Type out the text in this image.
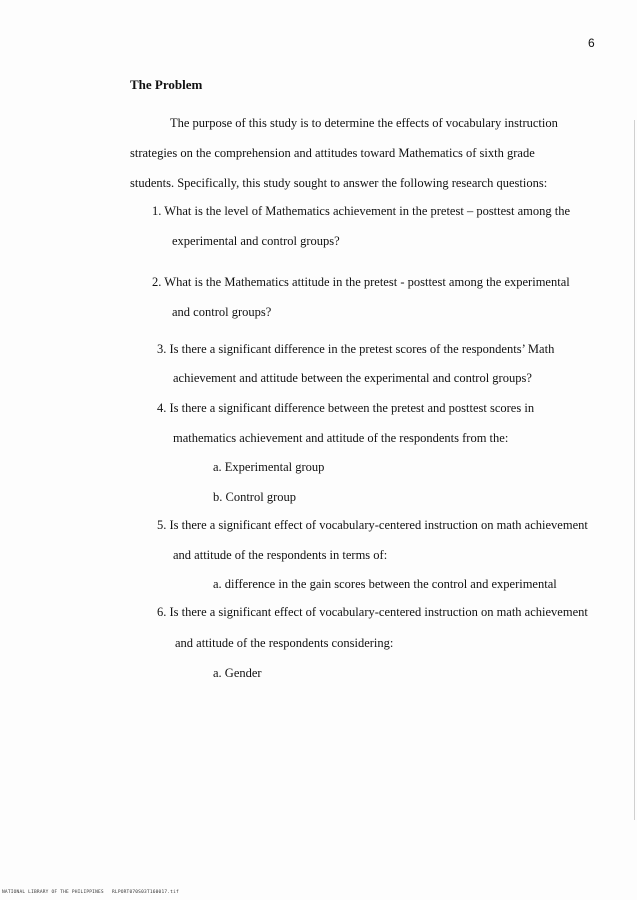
6
The Problem
The purpose of this study is to determine the effects of vocabulary instruction
strategies on the comprehension and attitudes toward Mathematics of sixth grade
students. Specifically, this study sought to answer the following research questions:
1. What is the level of Mathematics achievement in the pretest – posttest among the
experimental and control groups?
2. What is the Mathematics attitude in the pretest - posttest among the experimental
and control groups?
3. Is there a significant difference in the pretest scores of the respondents’ Math
achievement and attitude between the experimental and control groups?
4. Is there a significant difference between the pretest and posttest scores in
mathematics achievement and attitude of the respondents from the:
a. Experimental group
b. Control group
5. Is there a significant effect of vocabulary-centered instruction on math achievement
and attitude of the respondents in terms of:
a. difference in the gain scores between the control and experimental
6. Is there a significant effect of vocabulary-centered instruction on math achievement
and attitude of the respondents considering:
a. Gender
NATIONAL LIBRARY OF THE PHILIPPINES RLPORT070S03T160017.tif
